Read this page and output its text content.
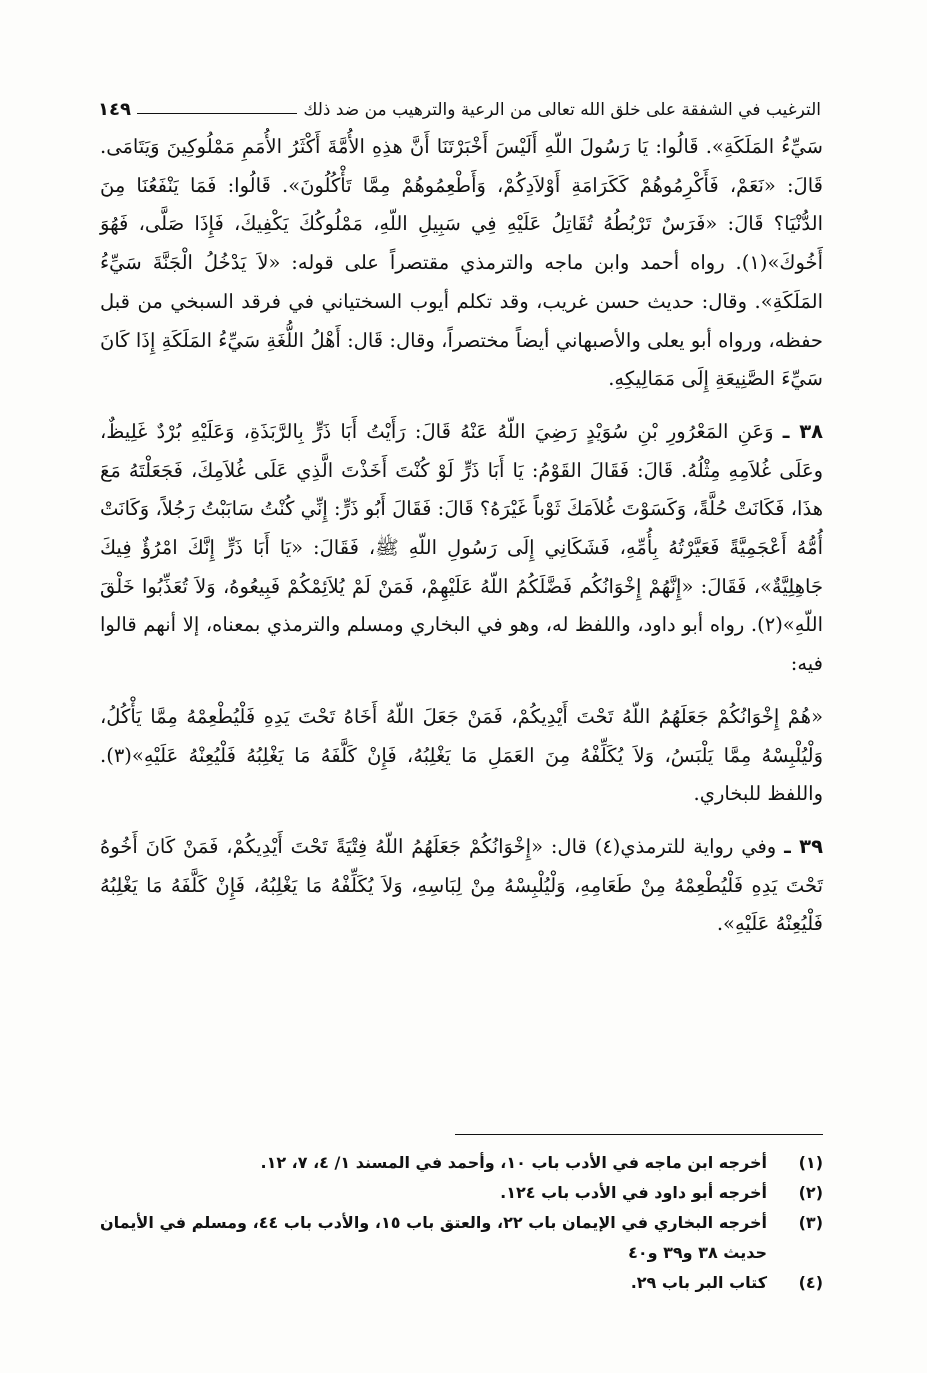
الترغيب في الشفقة على خلق الله تعالى من الرعية والترهيب من ضد ذلك
١٤٩

سَيِّءُ المَلَكَةِ». قَالُوا: يَا رَسُولَ اللّهِ أَلَيْسَ أَخْبَرْتَنَا أَنَّ هذِهِ الأُمَّةَ أَكْثَرُ الأُمَمِ مَمْلُوكِينَ وَيَتَامَى. قَالَ: «نَعَمْ، فَأَكْرِمُوهُمْ كَكَرَامَةِ أَوْلاَدِكُمْ، وَأَطْعِمُوهُمْ مِمَّا تَأْكُلُونَ». قَالُوا: فَمَا يَنْفَعُنَا مِنَ الدُّنْيَا؟ قَالَ: «فَرَسٌ تَرْبُطُهُ تُقَاتِلُ عَلَيْهِ فِي سَبِيلِ اللّهِ، مَمْلُوكُكَ يَكْفِيكَ، فَإِذَا صَلَّى، فَهُوَ أَخُوكَ»(١). رواه أحمد وابن ماجه والترمذي مقتصراً على قوله: «لاَ يَدْخُلُ الْجَنَّةَ سَيِّءُ المَلَكَةِ». وقال: حديث حسن غريب، وقد تكلم أيوب السختياني في فرقد السبخي من قبل حفظه، ورواه أبو يعلى والأصبهاني أيضاً مختصراً، وقال: قَال: أَهْلُ اللُّغَةِ سَيِّءُ المَلَكَةِ إِذَا كَانَ سَيِّءَ الصَّنِيعَةِ إِلَى مَمَالِيكِهِ.

٣٨ ـ وَعَنِ المَعْرُورِ بْنِ سُوَيْدٍ رَضِيَ اللّهُ عَنْهُ قَالَ: رَأَيْتُ أَبَا ذَرٍّ بِالرَّبَذَةِ، وَعَلَيْهِ بُرْدٌ غَلِيظٌ، وعَلَى غُلاَمِهِ مِثْلُهُ. قَالَ: فَقَالَ القَوْمُ: يَا أَبَا ذَرٍّ لَوْ كُنْتَ أَخَذْتَ الَّذِي عَلَى غُلاَمِكَ، فَجَعَلْتَهُ مَعَ هذَا، فَكَانَتْ حُلَّةً، وَكَسَوْتَ غُلاَمَكَ ثَوْباً غَيْرَهُ؟ قَالَ: فَقَالَ أَبُو ذَرٍّ: إِنِّي كُنْتُ سَابَبْتُ رَجُلاً، وَكَانَتْ أُمُّهُ أَعْجَمِيَّةً فَعَيَّرْتُهُ بِأُمِّهِ، فَشَكَانِي إِلَى رَسُولِ اللّهِ ﷺ، فَقَالَ: «يَا أَبَا ذَرٍّ إِنَّكَ امْرُؤٌ فِيكَ جَاهِلِيَّةٌ»، فَقَالَ: «إِنَّهُمْ إِخْوَانُكُم فَضَّلَكُمُ اللّهُ عَلَيْهِمْ، فَمَنْ لَمْ يُلاَئِمْكُمْ فَبِيعُوهُ، وَلاَ تُعَذِّبُوا خَلْقَ اللّهِ»(٢). رواه أبو داود، واللفظ له، وهو في البخاري ومسلم والترمذي بمعناه، إلا أنهم قالوا فيه:

«هُمْ إِخْوَانُكُمْ جَعَلَهُمُ اللّهُ تَحْتَ أَيْدِيكُمْ، فَمَنْ جَعَلَ اللّهُ أَخَاهُ تَحْتَ يَدِهِ فَلْيُطْعِمْهُ مِمَّا يَأْكُلُ، وَلْيُلْبِسْهُ مِمَّا يَلْبَسُ، وَلاَ يُكَلِّفْهُ مِنَ العَمَلِ مَا يَغْلِبُهُ، فَإِنْ كَلَّفَهُ مَا يَغْلِبُهُ فَلْيُعِنْهُ عَلَيْهِ»(٣). واللفظ للبخاري.

٣٩ ـ وفي رواية للترمذي(٤) قال: «إِخْوَانُكُمْ جَعَلَهُمُ اللّهُ فِتْيَةً تَحْتَ أَيْدِيكُمْ، فَمَنْ كَانَ أَخُوهُ تَحْتَ يَدِهِ فَلْيُطْعِمْهُ مِنْ طَعَامِهِ، وَلْيُلْبِسْهُ مِنْ لِبَاسِهِ، وَلاَ يُكَلِّفْهُ مَا يَغْلِبُهُ، فَإِنْ كَلَّفَهُ مَا يَغْلِبُهُ فَلْيُعِنْهُ عَلَيْهِ».

(١)
أخرجه ابن ماجه في الأدب باب ١٠، وأحمد في المسند ١/ ٤، ٧، ١٢.
(٢)
أخرجه أبو داود في الأدب باب ١٢٤.
(٣)
أخرجه البخاري في الإيمان باب ٢٢، والعتق باب ١٥، والأدب باب ٤٤، ومسلم في الأيمان حديث ٣٨ و٣٩ و٤٠
(٤)
كتاب البر باب ٢٩.
